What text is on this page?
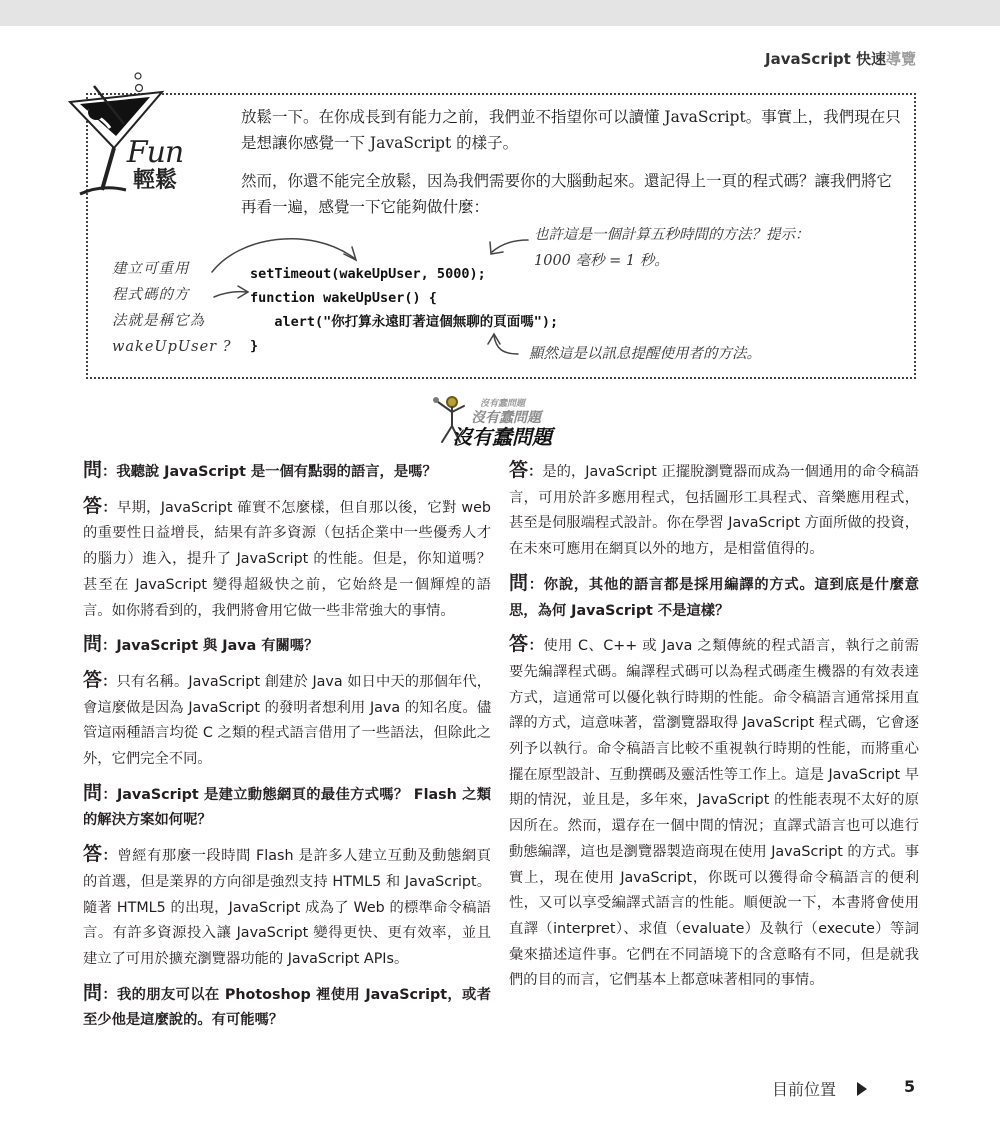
JavaScript 快速導覽
Fun
輕鬆

放鬆一下。在你成長到有能力之前，我們並不指望你可以讀懂 JavaScript。事實上，我們現在只是想讓你感覺一下 JavaScript 的樣子。

然而，你還不能完全放鬆，因為我們需要你的大腦動起來。還記得上一頁的程式碼？讓我們將它再看一遍，感覺一下它能夠做什麼：

setTimeout(wakeUpUser, 5000);
function wakeUpUser() {
alert("你打算永遠盯著這個無聊的頁面嗎");
}
建立可重用
程式碼的方
法就是稱它為
wakeUpUser ?
也許這是一個計算五秒時間的方法？提示：
1000 毫秒 = 1 秒。
顯然這是以訊息提醒使用者的方法。
沒有蠢問題
沒有蠢問題
沒有蠢問題

問：我聽說 JavaScript 是一個有點弱的語言，是嗎？

答：早期，JavaScript 確實不怎麼樣，但自那以後，它對 web 的重要性日益增長，結果有許多資源（包括企業中一些優秀人才的腦力）進入，提升了 JavaScript 的性能。但是，你知道嗎？甚至在 JavaScript 變得超級快之前，它始終是一個輝煌的語言。如你將看到的，我們將會用它做一些非常強大的事情。

問：JavaScript 與 Java 有關嗎？

答：只有名稱。JavaScript 創建於 Java 如日中天的那個年代，會這麼做是因為 JavaScript 的發明者想利用 Java 的知名度。儘管這兩種語言均從 C 之類的程式語言借用了一些語法，但除此之外，它們完全不同。

問：JavaScript 是建立動態網頁的最佳方式嗎？ Flash 之類的解決方案如何呢？

答：曾經有那麼一段時間 Flash 是許多人建立互動及動態網頁的首選，但是業界的方向卻是強烈支持 HTML5 和 JavaScript。隨著 HTML5 的出現，JavaScript 成為了 Web 的標準命令稿語言。有許多資源投入讓 JavaScript 變得更快、更有效率，並且建立了可用於擴充瀏覽器功能的 JavaScript APIs。

問：我的朋友可以在 Photoshop 裡使用 JavaScript，或者至少他是這麼說的。有可能嗎？

答：是的，JavaScript 正擺脫瀏覽器而成為一個通用的命令稿語言，可用於許多應用程式，包括圖形工具程式、音樂應用程式，甚至是伺服端程式設計。你在學習 JavaScript 方面所做的投資，在未來可應用在網頁以外的地方，是相當值得的。

問：你說，其他的語言都是採用編譯的方式。這到底是什麼意思，為何 JavaScript 不是這樣？

答：使用 C、C++ 或 Java 之類傳統的程式語言，執行之前需要先編譯程式碼。編譯程式碼可以為程式碼產生機器的有效表達方式，這通常可以優化執行時期的性能。命令稿語言通常採用直譯的方式，這意味著，當瀏覽器取得 JavaScript 程式碼，它會逐列予以執行。命令稿語言比較不重視執行時期的性能，而將重心擺在原型設計、互動撰碼及靈活性等工作上。這是 JavaScript 早期的情況，並且是，多年來，JavaScript 的性能表現不太好的原因所在。然而，還存在一個中間的情況；直譯式語言也可以進行動態編譯，這也是瀏覽器製造商現在使用 JavaScript 的方式。事實上，現在使用 JavaScript，你既可以獲得命令稿語言的便利性，又可以享受編譯式語言的性能。順便說一下，本書將會使用直譯（interpret）、求值（evaluate）及執行（execute）等詞彙來描述這件事。它們在不同語境下的含意略有不同，但是就我們的目的而言，它們基本上都意味著相同的事情。

目前位置	5
